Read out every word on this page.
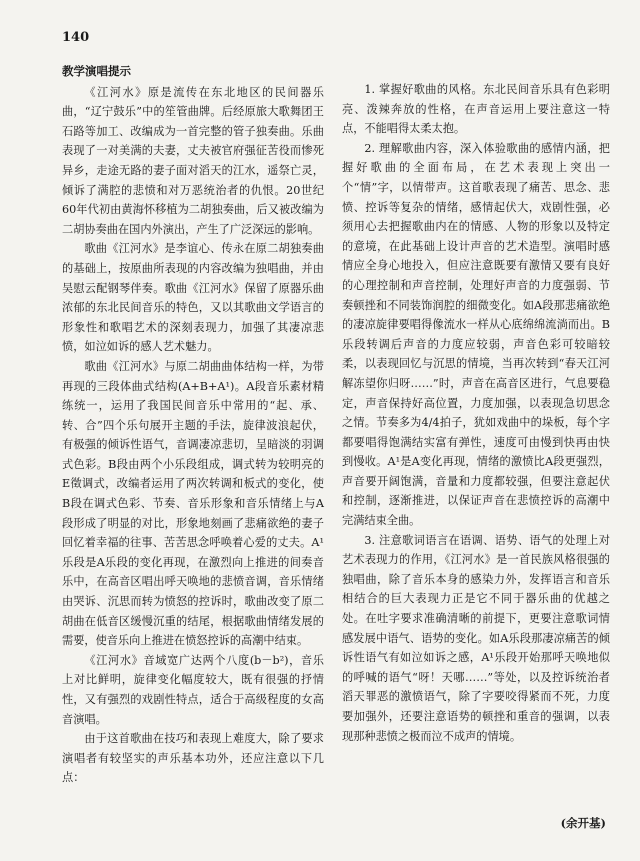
140
教学演唱提示

《江河水》原是流传在东北地区的民间器乐曲，“辽宁鼓乐”中的笙管曲牌。后经原旅大歌舞团王石路等加工、改编成为一首完整的管子独奏曲。乐曲表现了一对美满的夫妻，丈夫被官府强征苦役而惨死异乡，走途无路的妻子面对滔天的江水，遥祭亡灵，倾诉了满腔的悲愤和对万恶统治者的仇恨。20世纪60年代初由黄海怀移植为二胡独奏曲，后又被改编为二胡协奏曲在国内外演出，产生了广泛深远的影响。

歌曲《江河水》是李谊心、传永在原二胡独奏曲的基础上，按原曲所表现的内容改编为独唱曲，并由吴慰云配钢琴伴奏。歌曲《江河水》保留了原器乐曲浓郁的东北民间音乐的特色，又以其歌曲文学语言的形象性和歌唱艺术的深刻表现力，加强了其凄凉悲愤，如泣如诉的感人艺术魅力。

歌曲《江河水》与原二胡曲曲体结构一样，为带再现的三段体曲式结构(A+B+A¹)。A段音乐素材精练统一，运用了我国民间音乐中常用的“起、承、转、合”四个乐句展开主题的手法，旋律波浪起伏，有极强的倾诉性语气，音调凄凉悲切，呈暗淡的羽调式色彩。B段由两个小乐段组成，调式转为较明亮的E徵调式，改编者运用了两次转调和板式的变化，使B段在调式色彩、节奏、音乐形象和音乐情绪上与A段形成了明显的对比，形象地刻画了悲痛欲绝的妻子回忆着幸福的往事、苦苦思念呼唤着心爱的丈夫。A¹乐段是A乐段的变化再现，在激烈向上推进的间奏音乐中，在高音区唱出呼天唤地的悲愤音调，音乐情绪由哭诉、沉思而转为愤怒的控诉时，歌曲改变了原二胡曲在低音区缓慢沉重的结尾，根据歌曲情绪发展的需要，使音乐向上推进在愤怒控诉的高潮中结束。

《江河水》音域宽广达两个八度(b－b²)，音乐上对比鲜明，旋律变化幅度较大，既有很强的抒情性，又有强烈的戏剧性特点，适合于高级程度的女高音演唱。

由于这首歌曲在技巧和表现上难度大，除了要求演唱者有较坚实的声乐基本功外，还应注意以下几点：

1. 掌握好歌曲的风格。东北民间音乐具有色彩明亮、泼辣奔放的性格，在声音运用上要注意这一特点，不能唱得太柔太抱。

2. 理解歌曲内容，深入体验歌曲的感情内涵，把握好歌曲的全面布局，在艺术表现上突出一个“情”字，以情带声。这首歌表现了痛苦、思念、悲愤、控诉等复杂的情绪，感情起伏大，戏剧性强，必须用心去把握歌曲内在的情感、人物的形象以及特定的意境，在此基础上设计声音的艺术造型。演唱时感情应全身心地投入，但应注意既要有激情又要有良好的心理控制和声音控制，处理好声音的力度强弱、节奏顿挫和不同装饰润腔的细微变化。如A段那悲痛欲绝的凄凉旋律要唱得像流水一样从心底绵绵流淌而出。B乐段转调后声音的力度应较弱，声音色彩可较暗较柔，以表现回忆与沉思的情境，当再次转到“春天江河解冻望你归呀……”时，声音在高音区进行，气息要稳定，声音保持好高位置，力度加强，以表现急切思念之情。节奏多为4/4拍子，犹如戏曲中的垛板，每个字都要唱得饱满结实富有弹性，速度可由慢到快再由快到慢收。A¹是A变化再现，情绪的激愤比A段更强烈，声音要开阔饱满，音量和力度都较强，但要注意起伏和控制，逐渐推进，以保证声音在悲愤控诉的高潮中完满结束全曲。

3. 注意歌词语言在语调、语势、语气的处理上对艺术表现力的作用，《江河水》是一首民族风格很强的独唱曲，除了音乐本身的感染力外，发挥语言和音乐相结合的巨大表现力正是它不同于器乐曲的优越之处。在吐字要求准确清晰的前提下，更要注意歌词情感发展中语气、语势的变化。如A乐段那凄凉痛苦的倾诉性语气有如泣如诉之感，A¹乐段开始那呼天唤地似的呼喊的语气“呀！天哪……”等处，以及控诉统治者滔天罪恶的激愤语气，除了字要咬得紧而不死，力度要加强外，还要注意语势的顿挫和重音的强调，以表现那种悲愤之极而泣不成声的情境。

(余开基)
